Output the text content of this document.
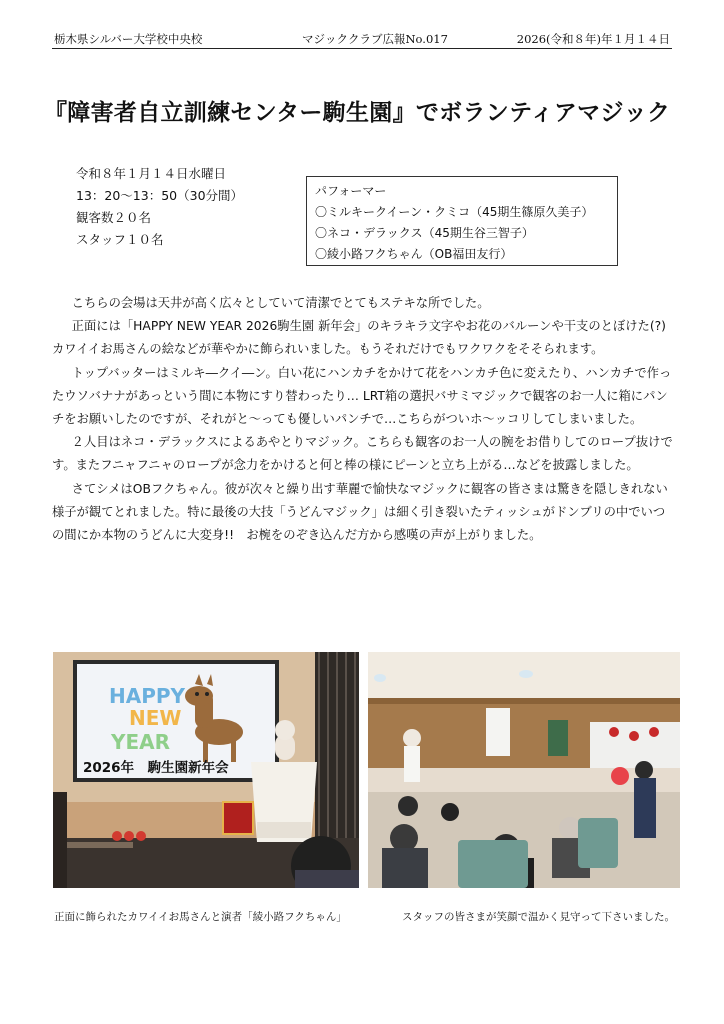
栃木県シルバー大学校中央校	マジッククラブ広報No.017	2026(令和８年)年１月１４日
『障害者自立訓練センター駒生園』でボランティアマジック
令和８年１月１４日水曜日
13：20～13：50（30分間）
観客数２０名
スタッフ１０名
パフォーマー
〇ミルキークイーン・クミコ（45期生篠原久美子）
〇ネコ・デラックス（45期生谷三智子）
〇綾小路フクちゃん（OB福田友行）

こちらの会場は天井が高く広々としていて清潔でとてもステキな所でした。

正面には「HAPPY NEW YEAR 2026駒生園 新年会」のキラキラ文字やお花のバルーンや干支のとぼけた(?)カワイイお馬さんの絵などが華やかに飾られいました。もうそれだけでもワクワクをそそられます。

トップバッターはミルキ―クイ―ン。白い花にハンカチをかけて花をハンカチ色に変えたり、ハンカチで作ったウソバナナがあっという間に本物にすり替わったり… LRT箱の選択バサミマジックで観客のお一人に箱にパンチをお願いしたのですが、それがと～っても優しいパンチで…こちらがついホ～ッコリしてしまいました。

２人目はネコ・デラックスによるあやとりマジック。こちらも観客のお一人の腕をお借りしてのロープ抜けです。またフニャフニャのロープが念力をかけると何と棒の様にピーンと立ち上がる…などを披露しました。

さてシメはOBフクちゃん。彼が次々と繰り出す華麗で愉快なマジックに観客の皆さまは驚きを隠しきれない様子が観てとれました。特に最後の大技「うどんマジック」は細く引き裂いたティッシュがドンブリの中でいつの間にか本物のうどんに大変身!!　お椀をのぞき込んだ方から感嘆の声が上がりました。

HAPPY
NEW
YEAR
2026年　駒生園新年会
正面に飾られたカワイイお馬さんと演者「綾小路フクちゃん」	スタッフの皆さまが笑顔で温かく見守って下さいました。
